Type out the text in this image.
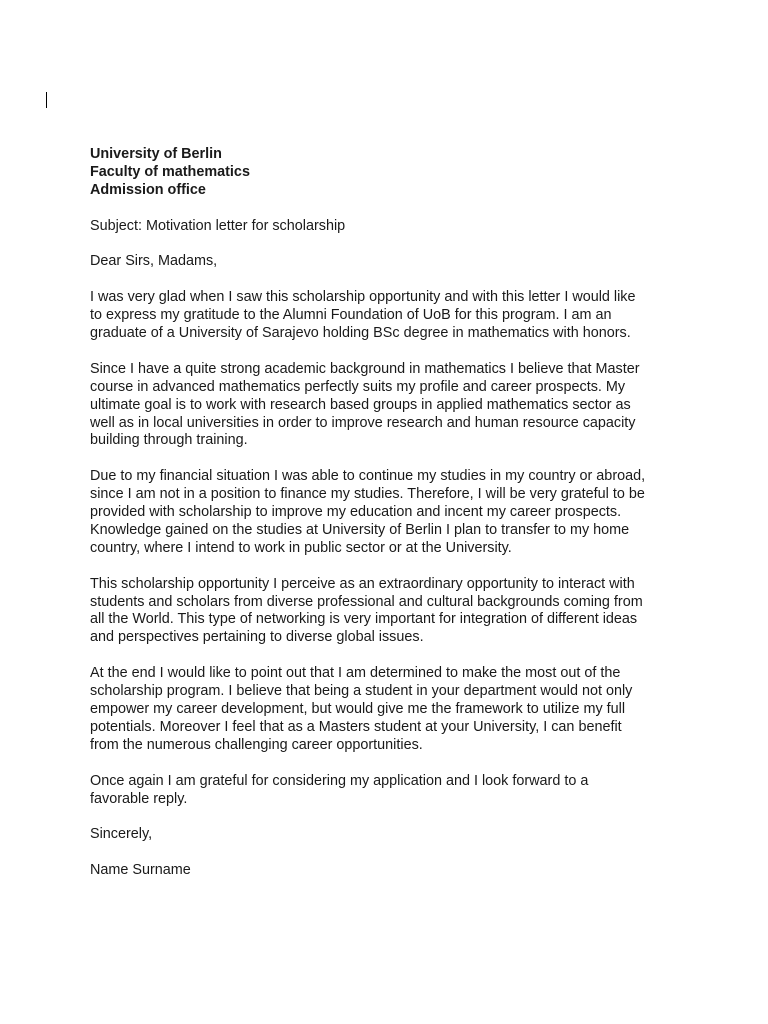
University of Berlin
Faculty of mathematics
Admission office
Subject: Motivation letter for scholarship
Dear Sirs, Madams,
I was very glad when I saw this scholarship opportunity and with this letter I would like
to express my gratitude to the Alumni Foundation of UoB for this program. I am an
graduate of a University of Sarajevo holding BSc degree in mathematics with honors.
Since I have a quite strong academic background in mathematics I believe that Master
course in advanced mathematics perfectly suits my profile and career prospects. My
ultimate goal is to work with research based groups in applied mathematics sector as
well as in local universities in order to improve research and human resource capacity
building through training.
Due to my financial situation I was able to continue my studies in my country or abroad,
since I am not in a position to finance my studies. Therefore, I will be very grateful to be
provided with scholarship to improve my education and incent my career prospects.
Knowledge gained on the studies at University of Berlin I plan to transfer to my home
country, where I intend to work in public sector or at the University.
This scholarship opportunity I perceive as an extraordinary opportunity to interact with
students and scholars from diverse professional and cultural backgrounds coming from
all the World. This type of networking is very important for integration of different ideas
and perspectives pertaining to diverse global issues.
At the end I would like to point out that I am determined to make the most out of the
scholarship program. I believe that being a student in your department would not only
empower my career development, but would give me the framework to utilize my full
potentials. Moreover I feel that as a Masters student at your University, I can benefit
from the numerous challenging career opportunities.
Once again I am grateful for considering my application and I look forward to a
favorable reply.
Sincerely,
Name Surname
